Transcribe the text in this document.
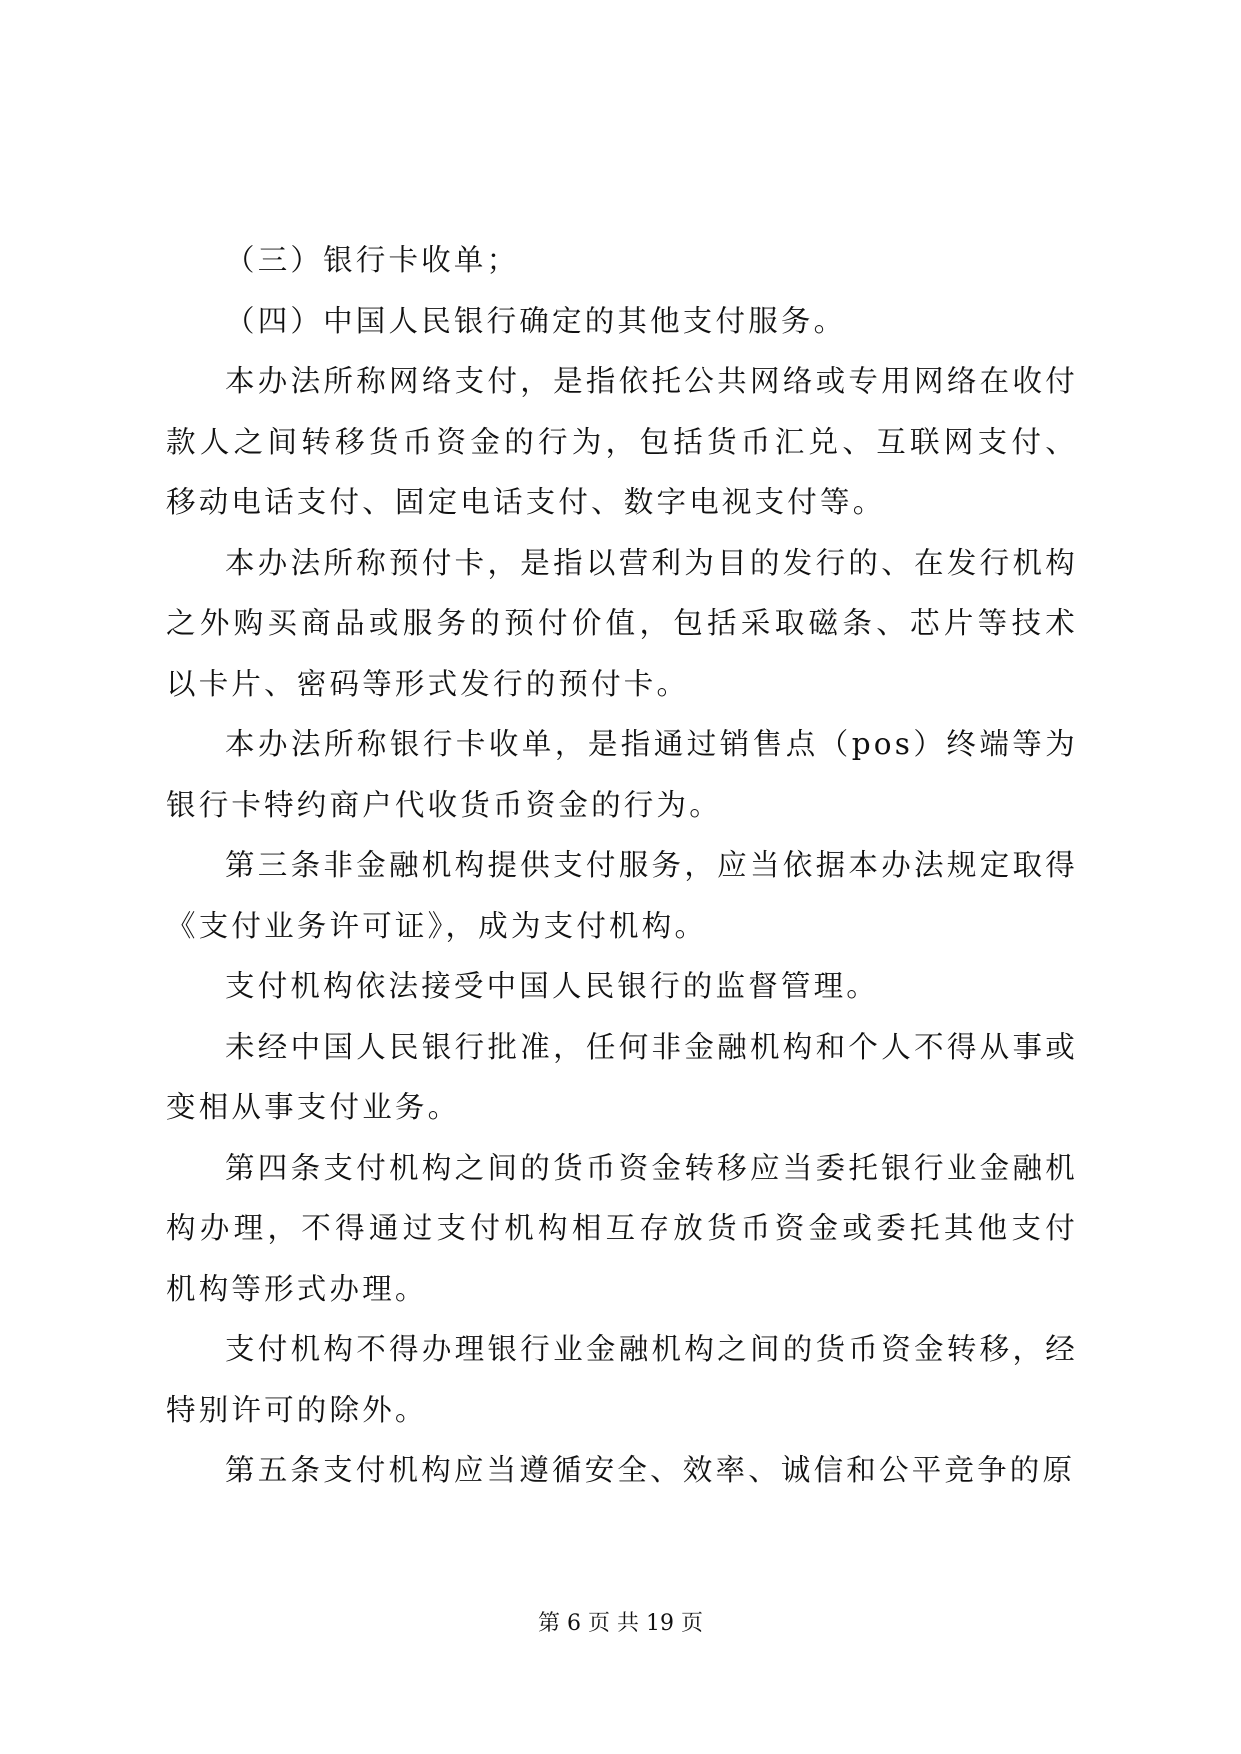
（三）银行卡收单；

（四）中国人民银行确定的其他支付服务。

本办法所称网络支付，是指依托公共网络或专用网络在收付款人之间转移货币资金的行为，包括货币汇兑、互联网支付、移动电话支付、固定电话支付、数字电视支付等。

本办法所称预付卡，是指以营利为目的发行的、在发行机构之外购买商品或服务的预付价值，包括采取磁条、芯片等技术以卡片、密码等形式发行的预付卡。

本办法所称银行卡收单，是指通过销售点（pos）终端等为银行卡特约商户代收货币资金的行为。

第三条非金融机构提供支付服务，应当依据本办法规定取得《支付业务许可证》，成为支付机构。

支付机构依法接受中国人民银行的监督管理。

未经中国人民银行批准，任何非金融机构和个人不得从事或变相从事支付业务。

第四条支付机构之间的货币资金转移应当委托银行业金融机构办理，不得通过支付机构相互存放货币资金或委托其他支付机构等形式办理。

支付机构不得办理银行业金融机构之间的货币资金转移，经特别许可的除外。

第五条支付机构应当遵循安全、效率、诚信和公平竞争的原

第 6 页 共 19 页
